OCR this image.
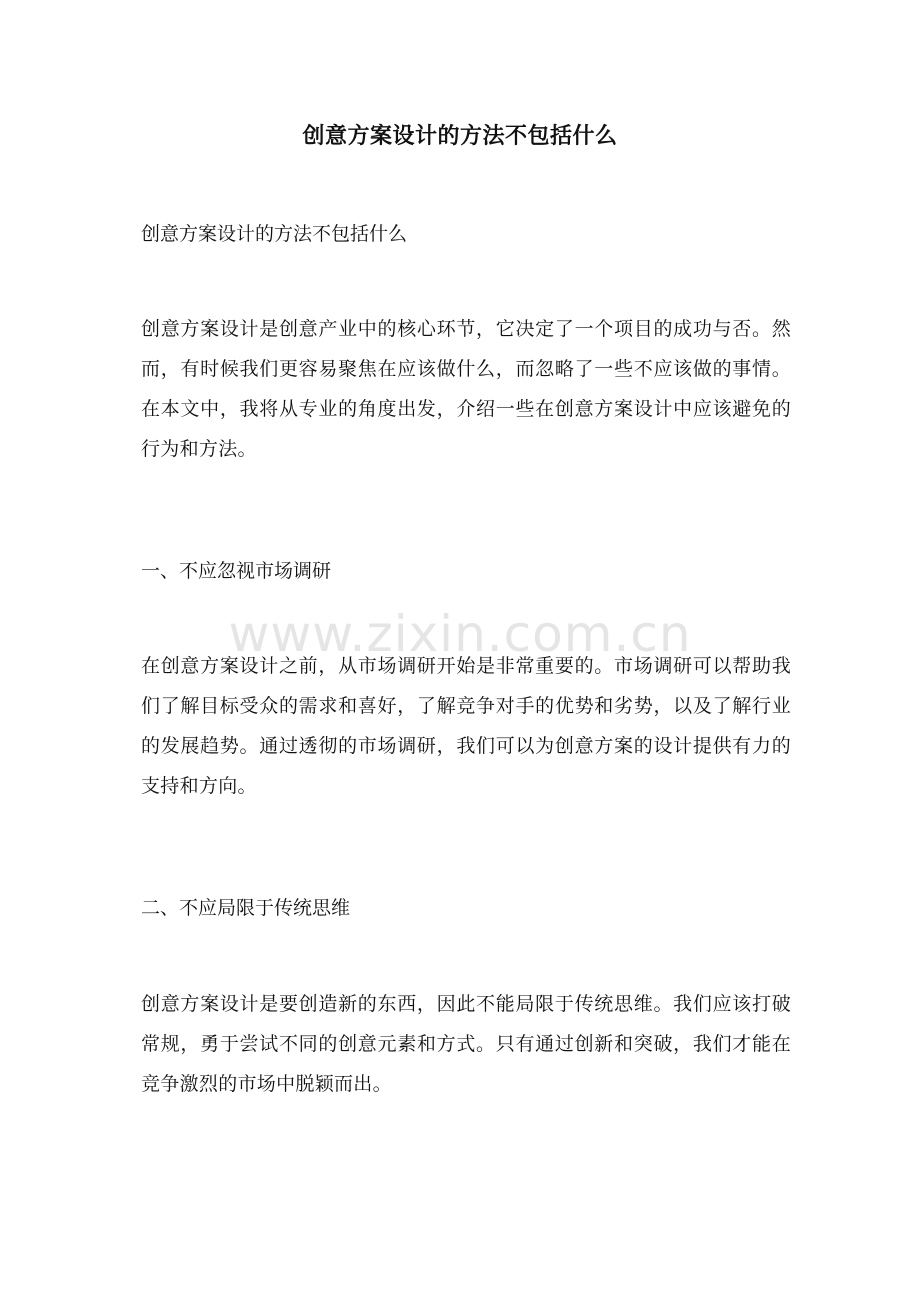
创意方案设计的方法不包括什么
创意方案设计的方法不包括什么
创意方案设计是创意产业中的核心环节，它决定了一个项目的成功与否。然而，有时候我们更容易聚焦在应该做什么，而忽略了一些不应该做的事情。在本文中，我将从专业的角度出发，介绍一些在创意方案设计中应该避免的行为和方法。
一、不应忽视市场调研
www.zixin.com.cn
在创意方案设计之前，从市场调研开始是非常重要的。市场调研可以帮助我们了解目标受众的需求和喜好，了解竞争对手的优势和劣势，以及了解行业的发展趋势。通过透彻的市场调研，我们可以为创意方案的设计提供有力的支持和方向。
二、不应局限于传统思维
创意方案设计是要创造新的东西，因此不能局限于传统思维。我们应该打破常规，勇于尝试不同的创意元素和方式。只有通过创新和突破，我们才能在竞争激烈的市场中脱颖而出。
